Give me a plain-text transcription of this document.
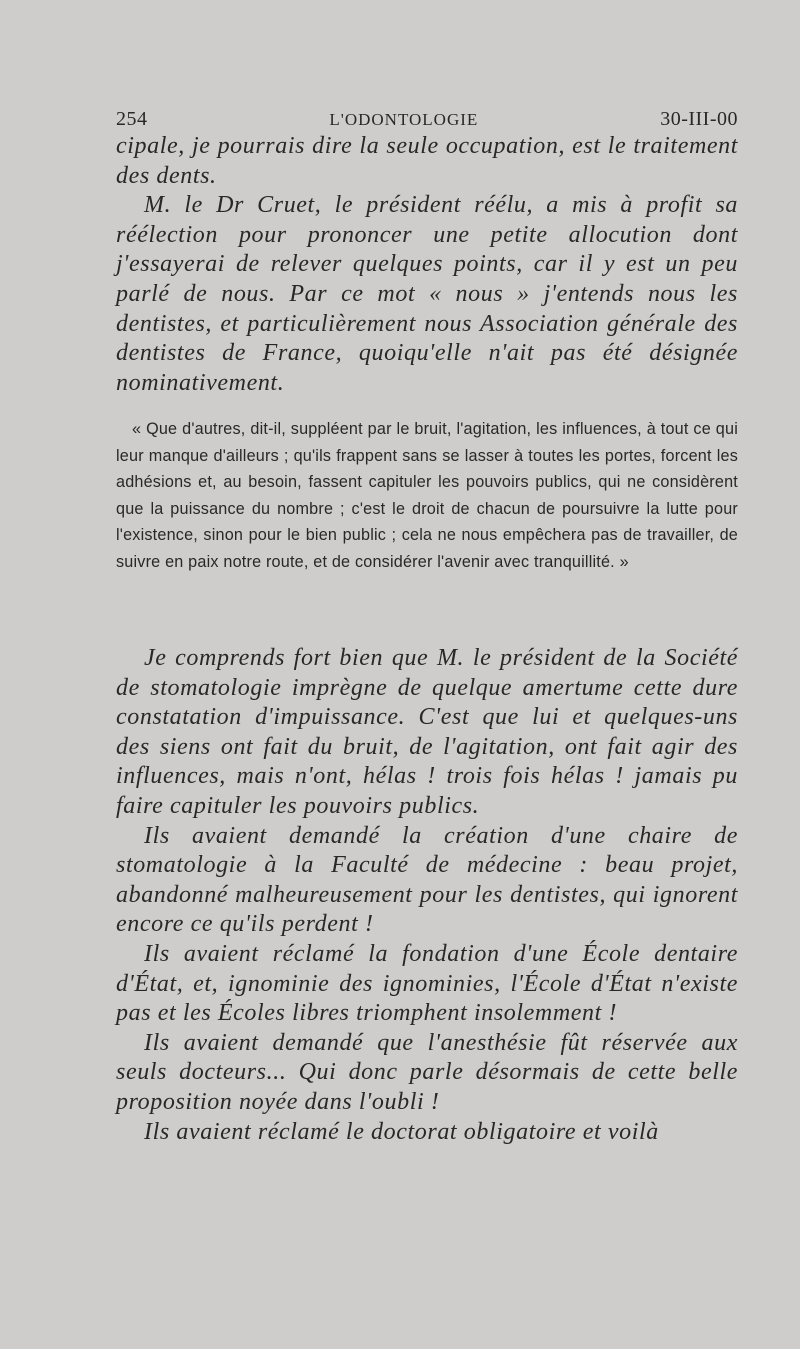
254	L'ODONTOLOGIE	30-III-00

cipale, je pourrais dire la seule occupation, est le traitement des dents.

M. le Dr Cruet, le président réélu, a mis à profit sa réélection pour prononcer une petite allocution dont j'essayerai de relever quelques points, car il y est un peu parlé de nous. Par ce mot « nous » j'entends nous les dentistes, et particulièrement nous Association générale des dentistes de France, quoiqu'elle n'ait pas été désignée nominativement.

« Que d'autres, dit-il, suppléent par le bruit, l'agitation, les influences, à tout ce qui leur manque d'ailleurs ; qu'ils frappent sans se lasser à toutes les portes, forcent les adhésions et, au besoin, fassent capituler les pouvoirs publics, qui ne considèrent que la puissance du nombre ; c'est le droit de chacun de poursuivre la lutte pour l'existence, sinon pour le bien public ; cela ne nous empêchera pas de travailler, de suivre en paix notre route, et de considérer l'avenir avec tranquillité. »

Je comprends fort bien que M. le président de la Société de stomatologie imprègne de quelque amertume cette dure constatation d'impuissance. C'est que lui et quelques-uns des siens ont fait du bruit, de l'agitation, ont fait agir des influences, mais n'ont, hélas ! trois fois hélas ! jamais pu faire capituler les pouvoirs publics.

Ils avaient demandé la création d'une chaire de stomatologie à la Faculté de médecine : beau projet, abandonné malheureusement pour les dentistes, qui ignorent encore ce qu'ils perdent !

Ils avaient réclamé la fondation d'une École dentaire d'État, et, ignominie des ignominies, l'École d'État n'existe pas et les Écoles libres triomphent insolemment !

Ils avaient demandé que l'anesthésie fût réservée aux seuls docteurs... Qui donc parle désormais de cette belle proposition noyée dans l'oubli !

Ils avaient réclamé le doctorat obligatoire et voilà
